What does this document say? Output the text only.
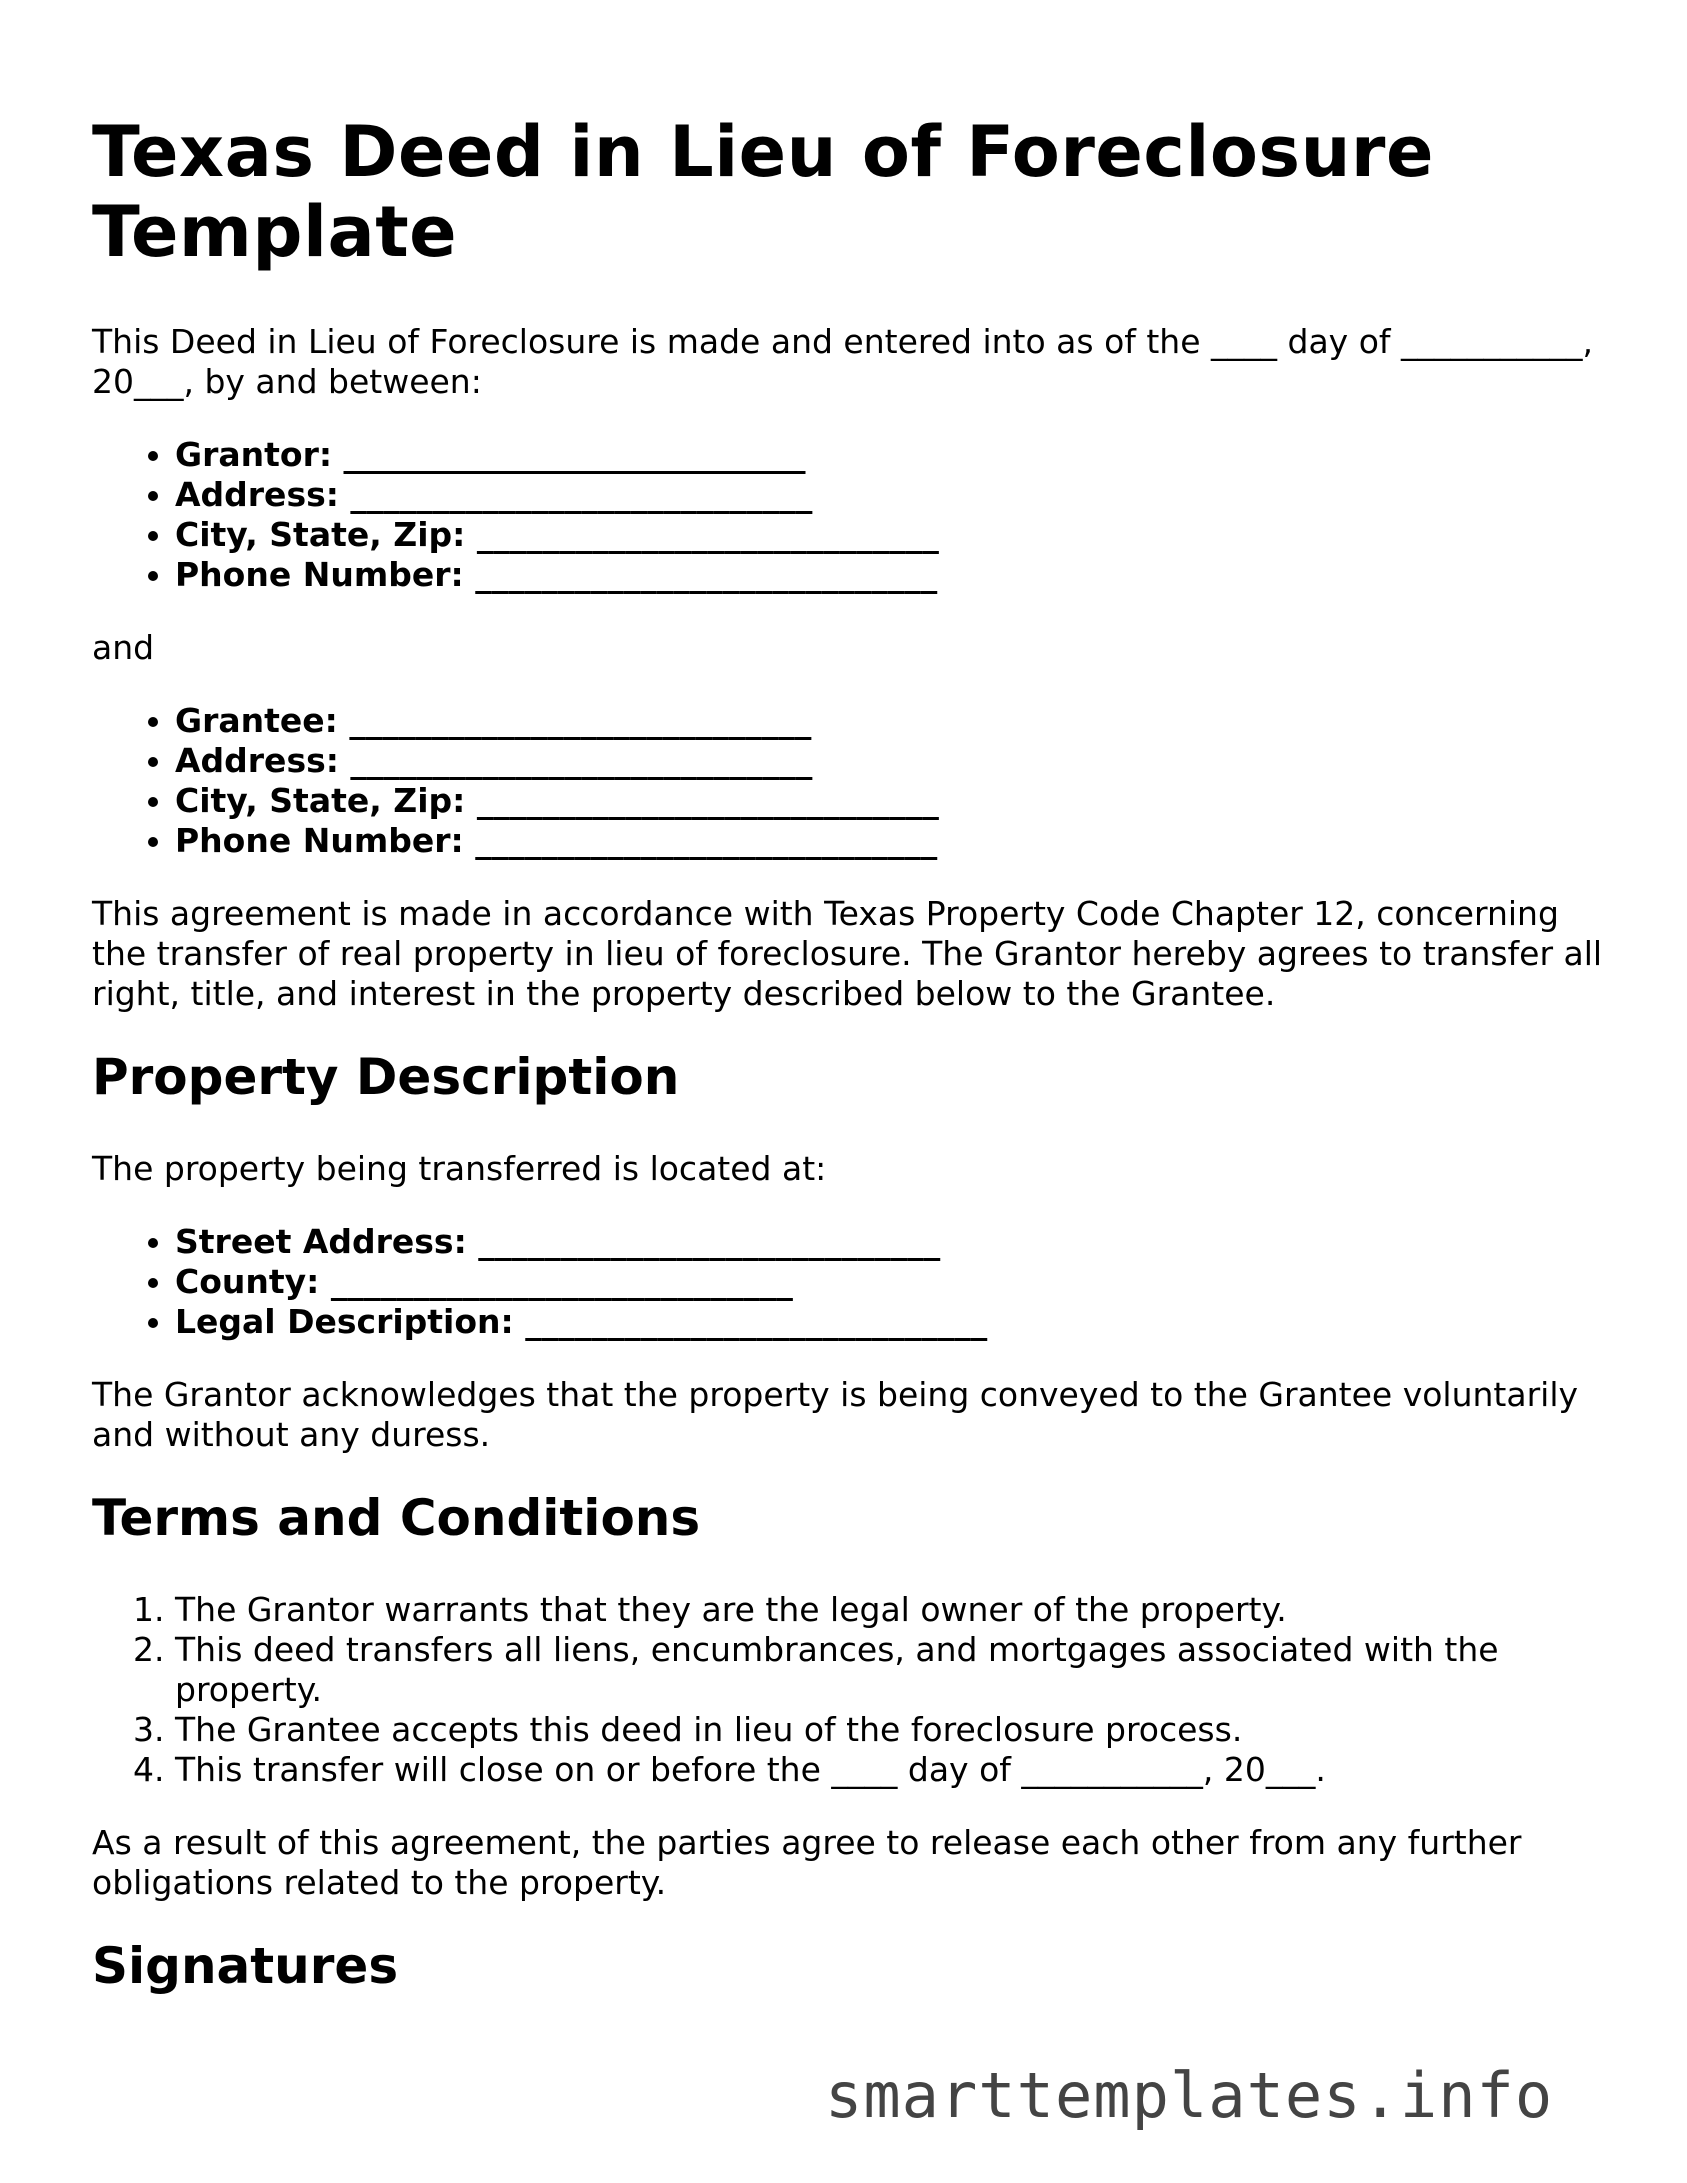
Texas Deed in Lieu of Foreclosure Template

This Deed in Lieu of Foreclosure is made and entered into as of the ____ day of ___________, 20___, by and between:

• Grantor: ____________________________
• Address: ____________________________
• City, State, Zip: ____________________________
• Phone Number: ____________________________

and

• Grantee: ____________________________
• Address: ____________________________
• City, State, Zip: ____________________________
• Phone Number: ____________________________

This agreement is made in accordance with Texas Property Code Chapter 12, concerning the transfer of real property in lieu of foreclosure. The Grantor hereby agrees to transfer all right, title, and interest in the property described below to the Grantee.

Property Description

The property being transferred is located at:

• Street Address: ____________________________
• County: ____________________________
• Legal Description: ____________________________

The Grantor acknowledges that the property is being conveyed to the Grantee voluntarily and without any duress.

Terms and Conditions
1. The Grantor warrants that they are the legal owner of the property.
2. This deed transfers all liens, encumbrances, and mortgages associated with the property.
3. The Grantee accepts this deed in lieu of the foreclosure process.
4. This transfer will close on or before the ____ day of ___________, 20___.

As a result of this agreement, the parties agree to release each other from any further obligations related to the property.

Signatures
smarttemplates.info
